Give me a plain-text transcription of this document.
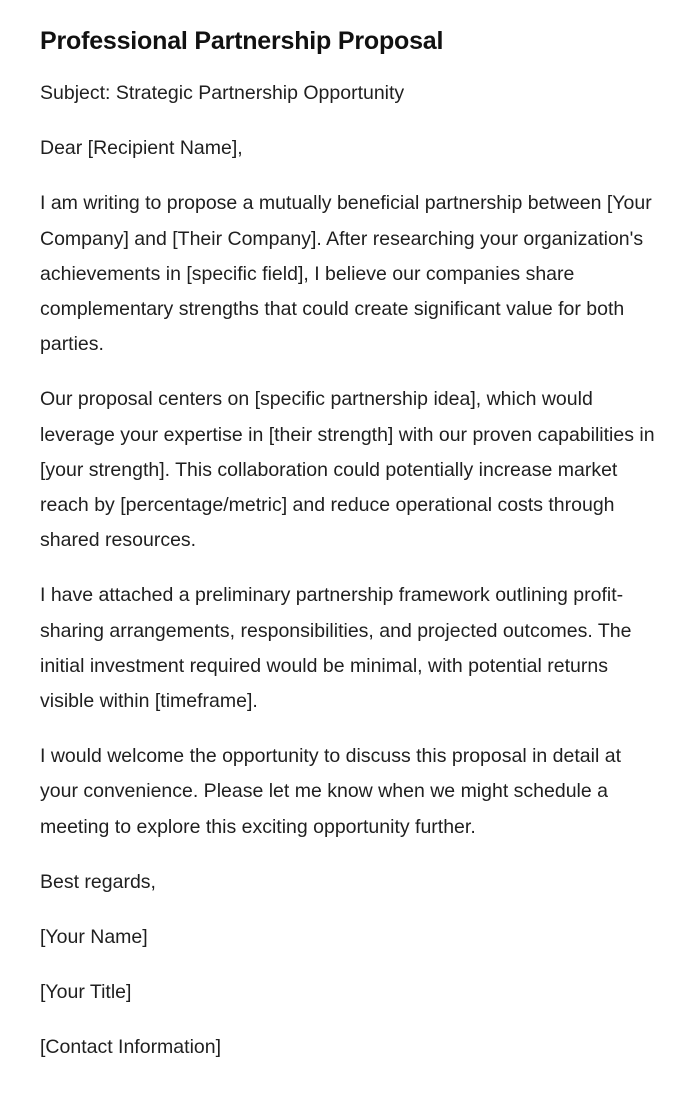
Professional Partnership Proposal

Subject: Strategic Partnership Opportunity

Dear [Recipient Name],

I am writing to propose a mutually beneficial partnership between [Your Company] and [Their Company]. After researching your organization's achievements in [specific field], I believe our companies share complementary strengths that could create significant value for both parties.

Our proposal centers on [specific partnership idea], which would leverage your expertise in [their strength] with our proven capabilities in [your strength]. This collaboration could potentially increase market reach by [percentage/metric] and reduce operational costs through shared resources.

I have attached a preliminary partnership framework outlining profit-sharing arrangements, responsibilities, and projected outcomes. The initial investment required would be minimal, with potential returns visible within [timeframe].

I would welcome the opportunity to discuss this proposal in detail at your convenience. Please let me know when we might schedule a meeting to explore this exciting opportunity further.

Best regards,

[Your Name]

[Your Title]

[Contact Information]
